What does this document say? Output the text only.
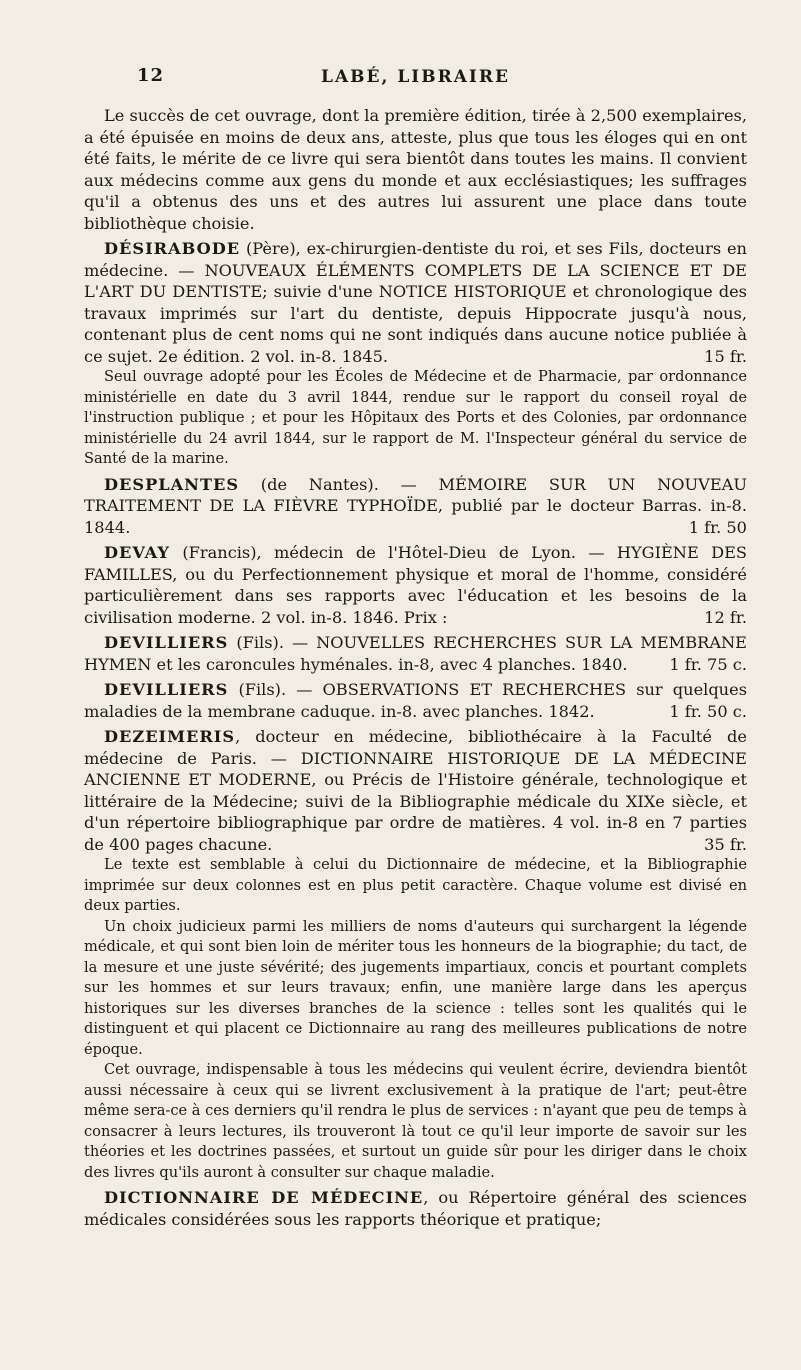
12	LABÉ, LIBRAIRE

Le succès de cet ouvrage, dont la première édition, tirée à 2,500 exemplaires, a été épuisée en moins de deux ans, atteste, plus que tous les éloges qui en ont été faits, le mérite de ce livre qui sera bientôt dans toutes les mains. Il convient aux médecins comme aux gens du monde et aux ecclésiastiques; les suffrages qu'il a obtenus des uns et des autres lui assurent une place dans toute bibliothèque choisie.

DÉSIRABODE (Père), ex-chirurgien-dentiste du roi, et ses Fils, docteurs en médecine. — NOUVEAUX ÉLÉMENTS COMPLETS DE LA SCIENCE ET DE L'ART DU DENTISTE; suivie d'une NOTICE HISTORIQUE et chronologique des travaux imprimés sur l'art du dentiste, depuis Hippocrate jusqu'à nous, contenant plus de cent noms qui ne sont indiqués dans aucune notice publiée à ce sujet. 2e édition. 2 vol. in-8. 1845.	15 fr.

Seul ouvrage adopté pour les Écoles de Médecine et de Pharmacie, par ordonnance ministérielle en date du 3 avril 1844, rendue sur le rapport du conseil royal de l'instruction publique ; et pour les Hôpitaux des Ports et des Colonies, par ordonnance ministérielle du 24 avril 1844, sur le rapport de M. l'Inspecteur général du service de Santé de la marine.

DESPLANTES (de Nantes). — MÉMOIRE SUR UN NOUVEAU TRAITEMENT DE LA FIÈVRE TYPHOÏDE, publié par le docteur Barras. in-8. 1844.	1 fr. 50

DEVAY (Francis), médecin de l'Hôtel-Dieu de Lyon. — HYGIÈNE DES FAMILLES, ou du Perfectionnement physique et moral de l'homme, considéré particulièrement dans ses rapports avec l'éducation et les besoins de la civilisation moderne. 2 vol. in-8. 1846. Prix :	12 fr.

DEVILLIERS (Fils). — NOUVELLES RECHERCHES SUR LA MEMBRANE HYMEN et les caroncules hyménales. in-8, avec 4 planches. 1840.	1 fr. 75 c.

DEVILLIERS (Fils). — OBSERVATIONS ET RECHERCHES sur quelques maladies de la membrane caduque. in-8. avec planches. 1842.	1 fr. 50 c.

DEZEIMERIS, docteur en médecine, bibliothécaire à la Faculté de médecine de Paris. — DICTIONNAIRE HISTORIQUE DE LA MÉDECINE ANCIENNE ET MODERNE, ou Précis de l'Histoire générale, technologique et littéraire de la Médecine; suivi de la Bibliographie médicale du XIXe siècle, et d'un répertoire bibliographique par ordre de matières. 4 vol. in-8 en 7 parties de 400 pages chacune.	35 fr.

Le texte est semblable à celui du Dictionnaire de médecine, et la Bibliographie imprimée sur deux colonnes est en plus petit caractère. Chaque volume est divisé en deux parties.

Un choix judicieux parmi les milliers de noms d'auteurs qui surchargent la légende médicale, et qui sont bien loin de mériter tous les honneurs de la biographie; du tact, de la mesure et une juste sévérité; des jugements impartiaux, concis et pourtant complets sur les hommes et sur leurs travaux; enfin, une manière large dans les aperçus historiques sur les diverses branches de la science : telles sont les qualités qui le distinguent et qui placent ce Dictionnaire au rang des meilleures publications de notre époque.

Cet ouvrage, indispensable à tous les médecins qui veulent écrire, deviendra bientôt aussi nécessaire à ceux qui se livrent exclusivement à la pratique de l'art; peut-être même sera-ce à ces derniers qu'il rendra le plus de services : n'ayant que peu de temps à consacrer à leurs lectures, ils trouveront là tout ce qu'il leur importe de savoir sur les théories et les doctrines passées, et surtout un guide sûr pour les diriger dans le choix des livres qu'ils auront à consulter sur chaque maladie.

DICTIONNAIRE DE MÉDECINE, ou Répertoire général des sciences médicales considérées sous les rapports théorique et pratique;
